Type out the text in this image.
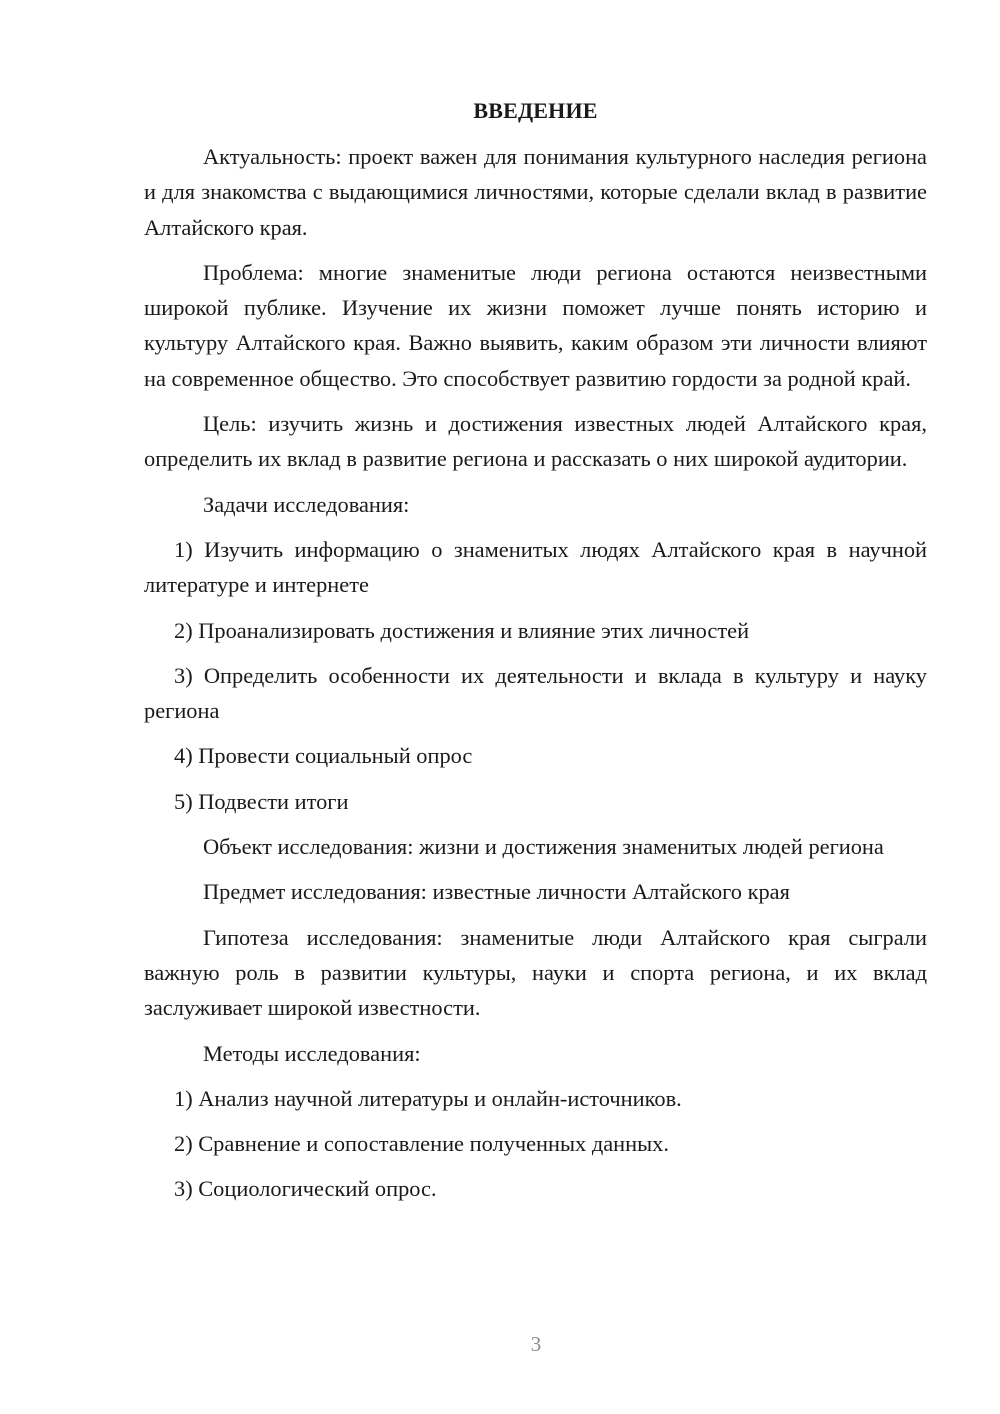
ВВЕДЕНИЕ

Актуальность: проект важен для понимания культурного наследия региона и для знакомства с выдающимися личностями, которые сделали вклад в развитие Алтайского края.

Проблема: многие знаменитые люди региона остаются неизвестными широкой публике. Изучение их жизни поможет лучше понять историю и культуру Алтайского края. Важно выявить, каким образом эти личности влияют на современное общество. Это способствует развитию гордости за родной край.

Цель: изучить жизнь и достижения известных людей Алтайского края, определить их вклад в развитие региона и рассказать о них широкой аудитории.

Задачи исследования:

1) Изучить информацию о знаменитых людях Алтайского края в научной литературе и интернете

2) Проанализировать достижения и влияние этих личностей

3) Определить особенности их деятельности и вклада в культуру и науку региона

4) Провести социальный опрос

5) Подвести итоги

Объект исследования: жизни и достижения знаменитых людей региона

Предмет исследования: известные личности Алтайского края

Гипотеза исследования: знаменитые люди Алтайского края сыграли важную роль в развитии культуры, науки и спорта региона, и их вклад заслуживает широкой известности.

Методы исследования:

1) Анализ научной литературы и онлайн-источников.

2) Сравнение и сопоставление полученных данных.

3) Социологический опрос.

3
